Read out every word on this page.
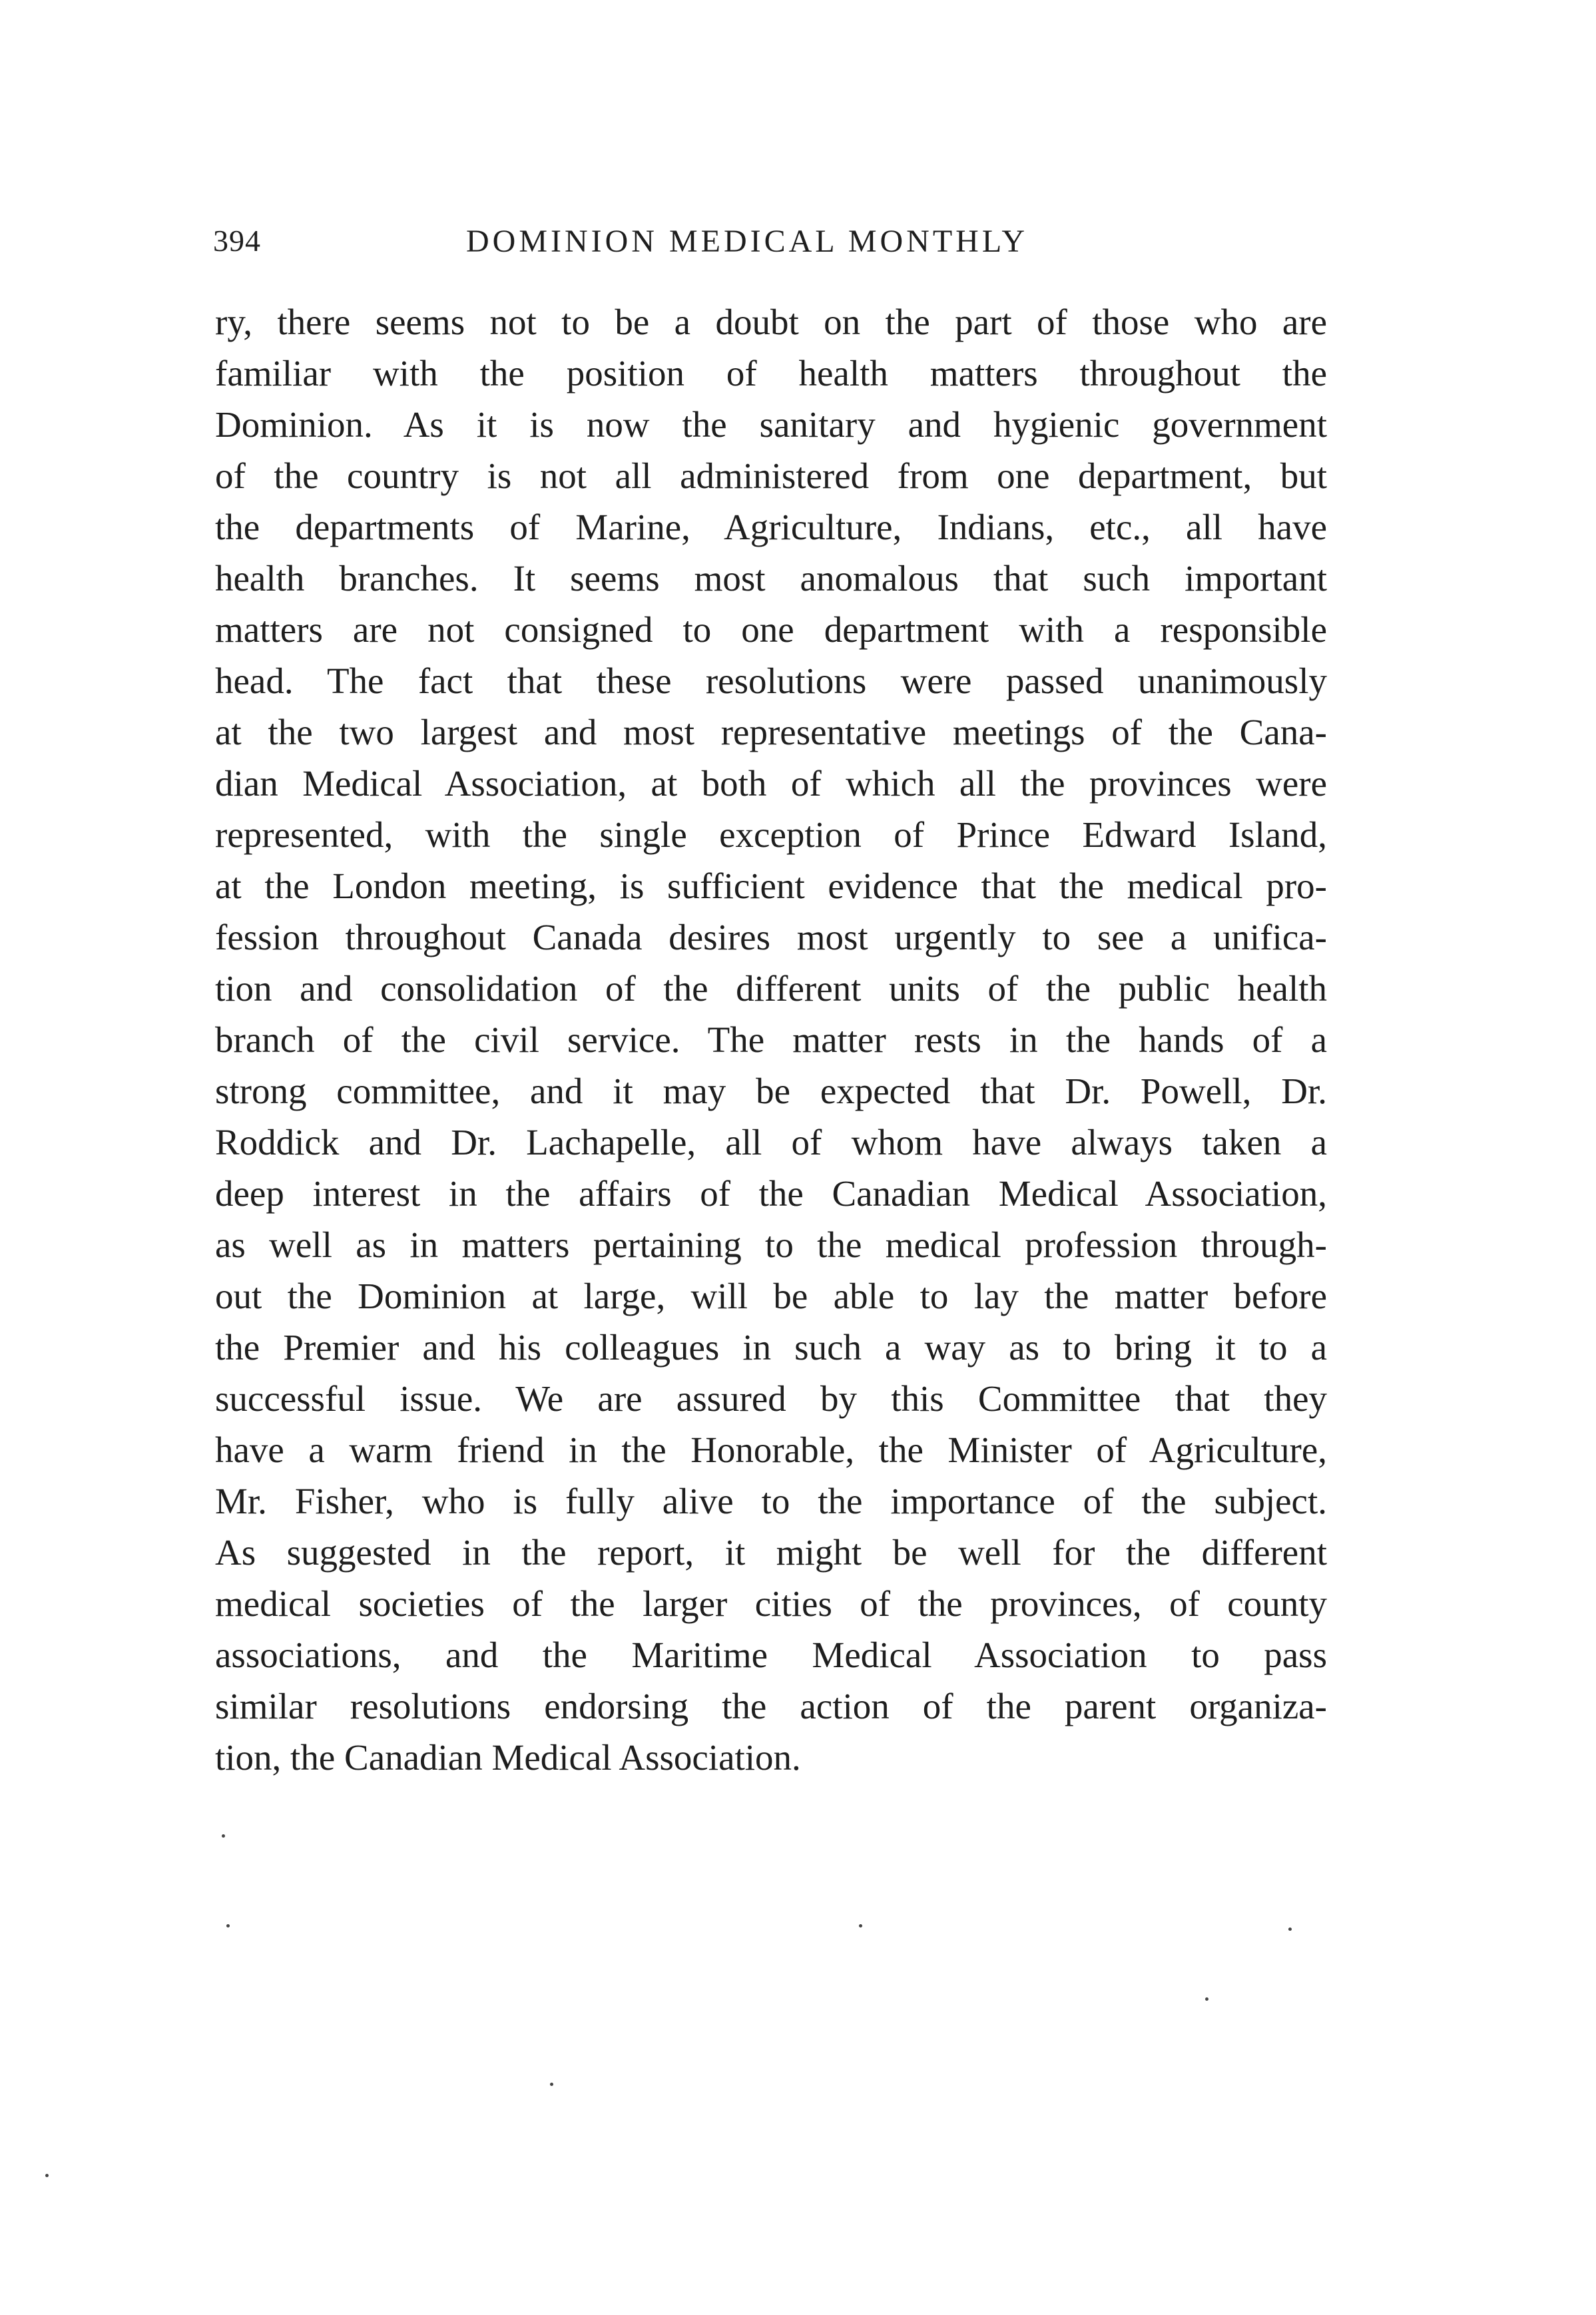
394	DOMINION MEDICAL MONTHLY
ry, there seems not to be a doubt on the part of those who are
familiar with the position of health matters throughout the
Dominion. As it is now the sanitary and hygienic government
of the country is not all administered from one department, but
the departments of Marine, Agriculture, Indians, etc., all have
health branches. It seems most anomalous that such important
matters are not consigned to one department with a responsible
head. The fact that these resolutions were passed unanimously
at the two largest and most representative meetings of the Cana-
dian Medical Association, at both of which all the provinces were
represented, with the single exception of Prince Edward Island,
at the London meeting, is sufficient evidence that the medical pro-
fession throughout Canada desires most urgently to see a unifica-
tion and consolidation of the different units of the public health
branch of the civil service. The matter rests in the hands of a
strong committee, and it may be expected that Dr. Powell, Dr.
Roddick and Dr. Lachapelle, all of whom have always taken a
deep interest in the affairs of the Canadian Medical Association,
as well as in matters pertaining to the medical profession through-
out the Dominion at large, will be able to lay the matter before
the Premier and his colleagues in such a way as to bring it to a
successful issue. We are assured by this Committee that they
have a warm friend in the Honorable, the Minister of Agriculture,
Mr. Fisher, who is fully alive to the importance of the subject.
As suggested in the report, it might be well for the different
medical societies of the larger cities of the provinces, of county
associations, and the Maritime Medical Association to pass
similar resolutions endorsing the action of the parent organiza-
tion, the Canadian Medical Association.
